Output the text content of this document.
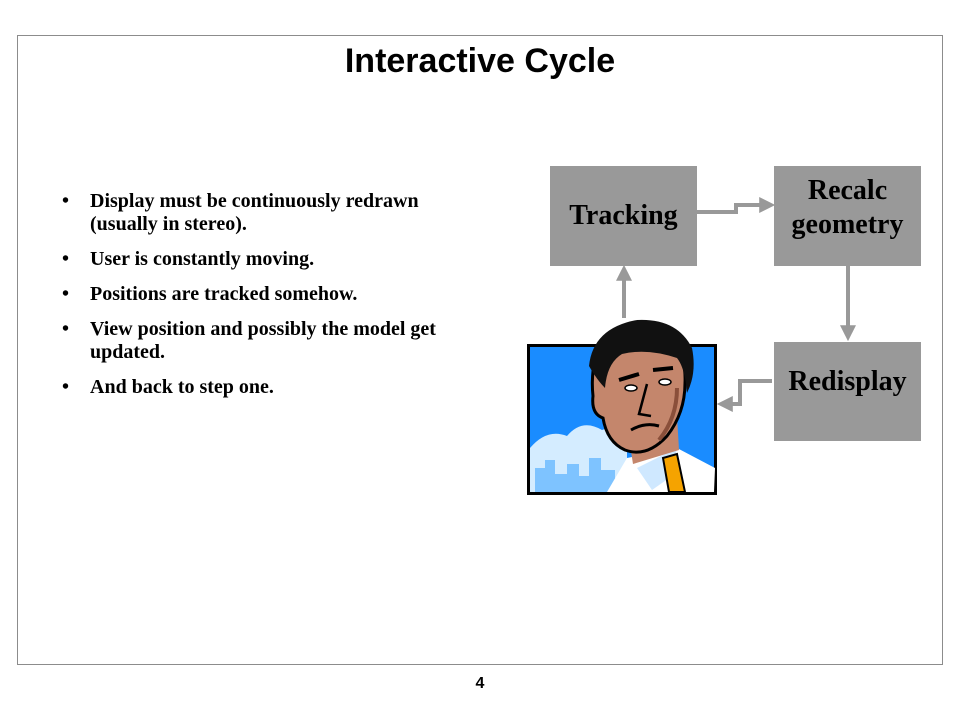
Interactive Cycle
• Display must be continuously redrawn (usually in stereo).
• User is constantly moving.
• Positions are tracked somehow.
• View position and possibly the model get updated.
• And back to step one.
Tracking
Recalc
geometry
Redisplay
4
